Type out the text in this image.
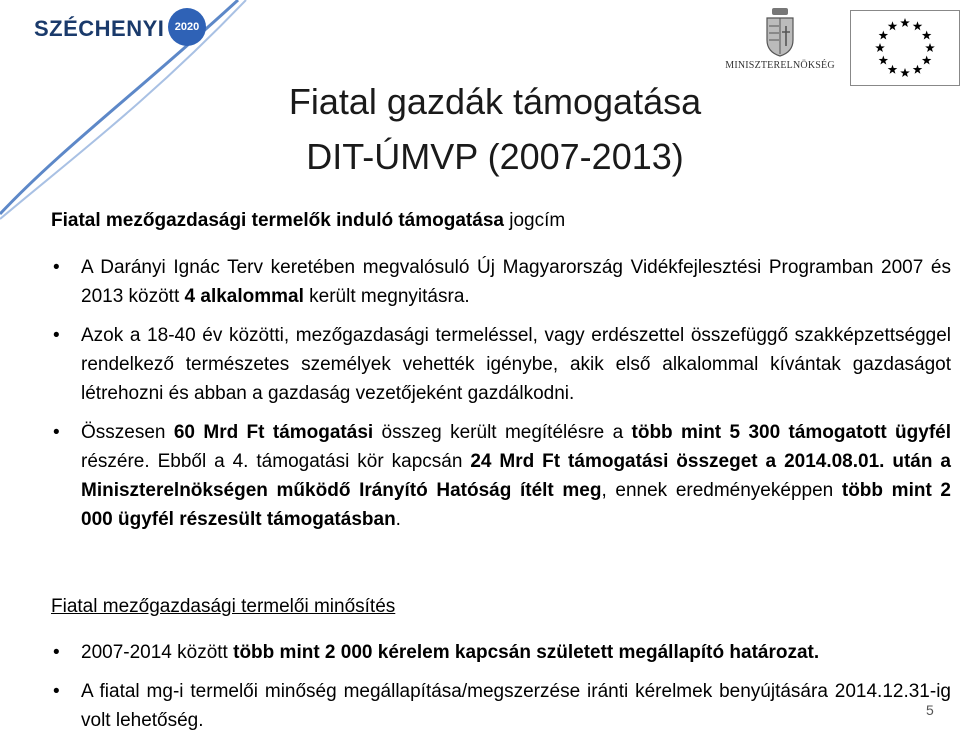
SZÉCHENYI 2020
MINISZTERELNÖKSÉG
Fiatal gazdák támogatása
DIT-ÚMVP (2007-2013)
Fiatal mezőgazdasági termelők induló támogatása jogcím
• A Darányi Ignác Terv keretében megvalósuló Új Magyarország Vidékfejlesztési Programban 2007 és 2013 között 4 alkalommal került megnyitásra.
• Azok a 18-40 év közötti, mezőgazdasági termeléssel, vagy erdészettel összefüggő szakképzettséggel rendelkező természetes személyek vehették igénybe, akik első alkalommal kívántak gazdaságot létrehozni és abban a gazdaság vezetőjeként gazdálkodni.
• Összesen 60 Mrd Ft támogatási összeg került megítélésre a több mint 5 300 támogatott ügyfél részére. Ebből a 4. támogatási kör kapcsán 24 Mrd Ft támogatási összeget a 2014.08.01. után a Miniszterelnökségen működő Irányító Hatóság ítélt meg, ennek eredményeképpen több mint 2 000 ügyfél részesült támogatásban.
Fiatal mezőgazdasági termelői minősítés
• 2007-2014 között több mint 2 000 kérelem kapcsán született megállapító határozat.
• A fiatal mg-i termelői minőség megállapítása/megszerzése iránti kérelmek benyújtására 2014.12.31-ig volt lehetőség.	5
